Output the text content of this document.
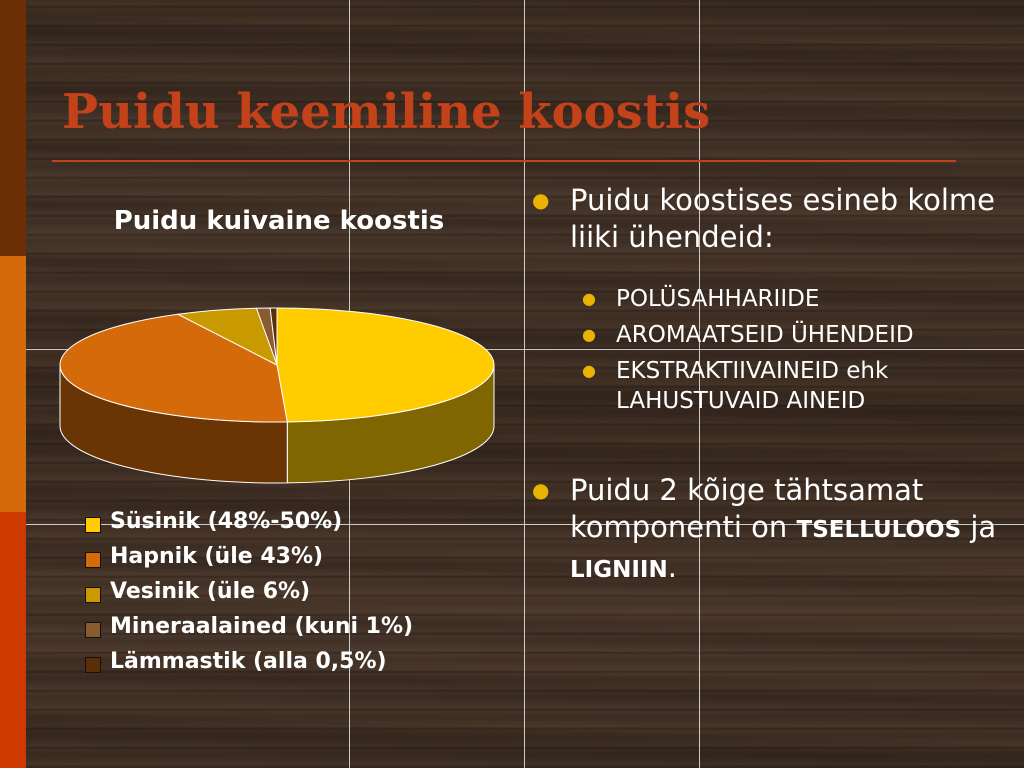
Puidu keemiline koostis
Puidu kuivaine koostis
Süsinik (48%-50%)
Hapnik (üle 43%)
Vesinik (üle 6%)
Mineraalained (kuni 1%)
Lämmastik (alla 0,5%)
● Puidu koostises esineb kolme liiki ühendeid:
● POLÜSAHHARIIDE
● AROMAATSEID ÜHENDEID
● EKSTRAKTIIVAINEID ehk LAHUSTUVAID AINEID
● Puidu 2 kõige tähtsamat komponenti on TSELLULOOS ja LIGNIIN.
